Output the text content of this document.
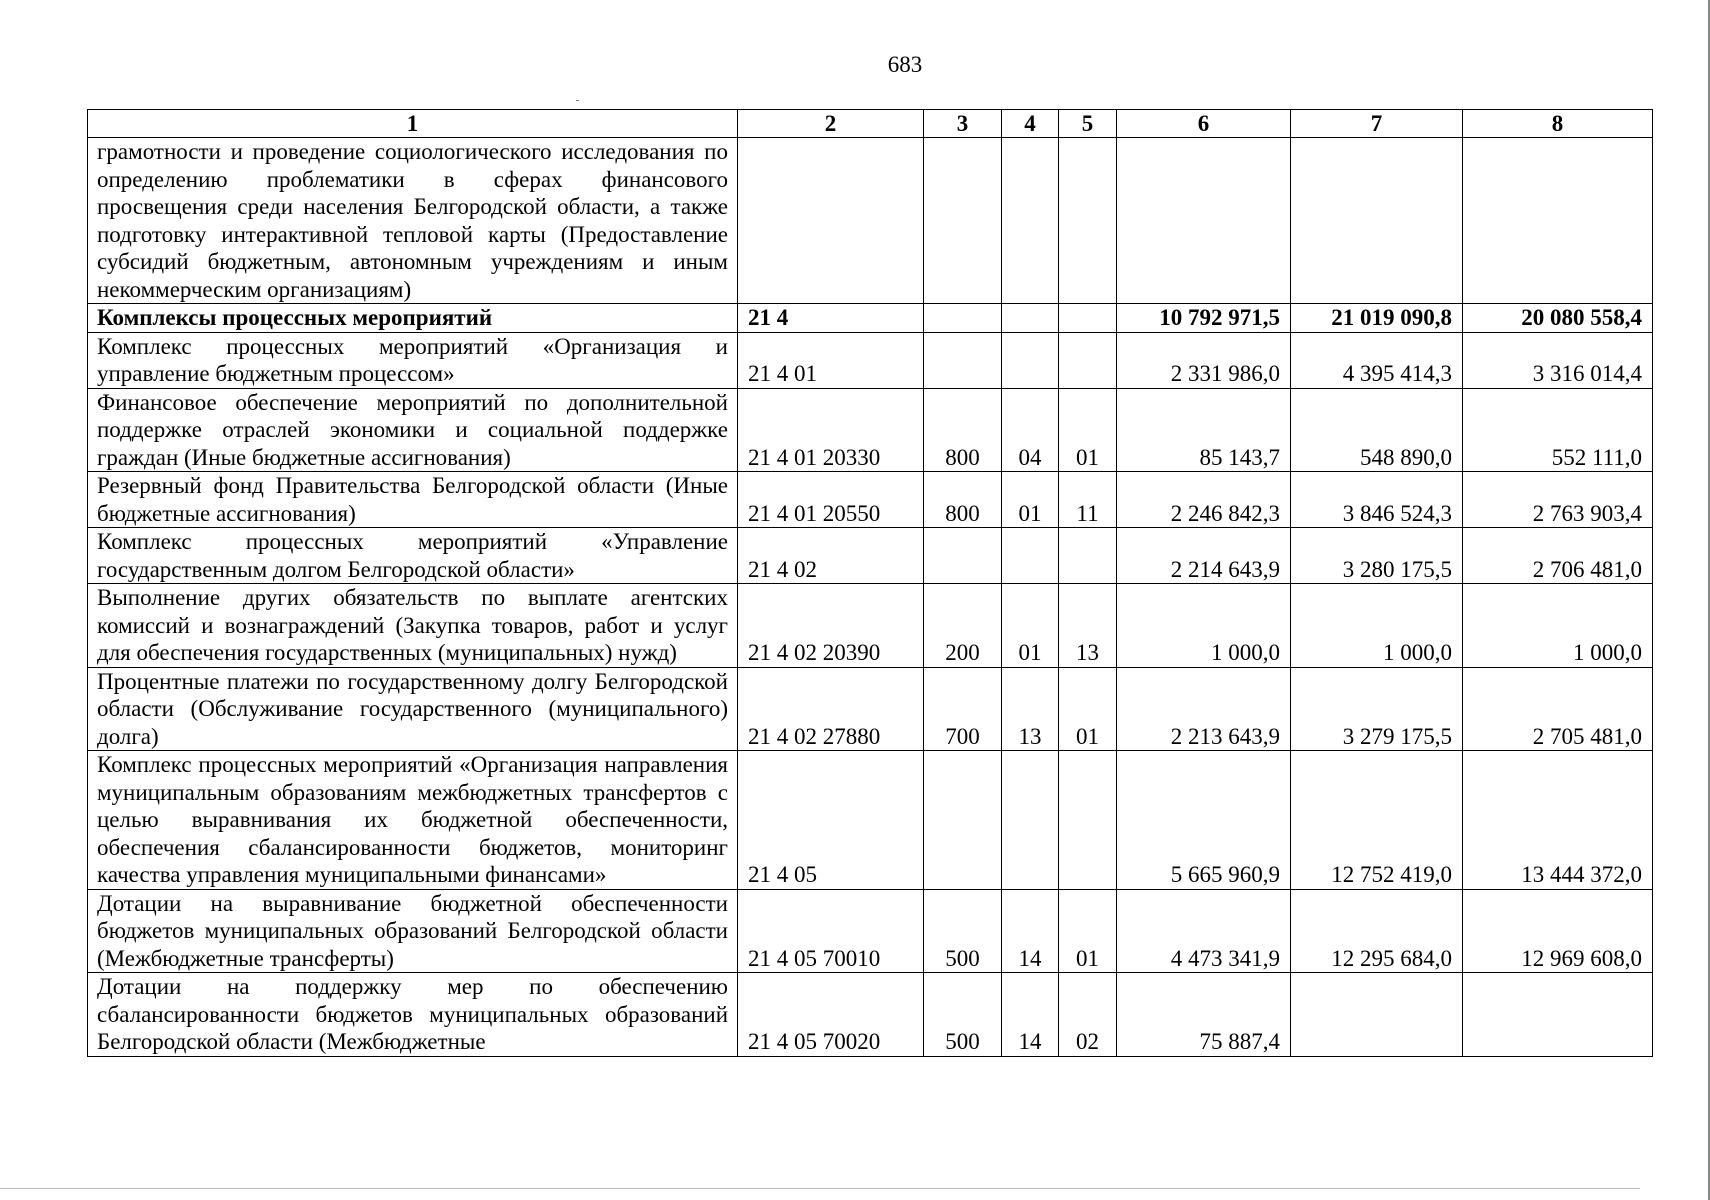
683
1	2	3	4	5	6	7	8
грамотности и проведение социологического исследования по определению проблематики в сферах финансового просвещения среди населения Белгородской области, а также подготовку интерактивной тепловой карты (Предоставление субсидий бюджетным, автономным учреждениям и иным некоммерческим организациям)							
Комплексы процессных мероприятий	21 4				10 792 971,5	21 019 090,8	20 080 558,4
Комплекс процессных мероприятий «Организация и управление бюджетным процессом»	21 4 01				2 331 986,0	4 395 414,3	3 316 014,4
Финансовое обеспечение мероприятий по дополнительной поддержке отраслей экономики и социальной поддержке граждан (Иные бюджетные ассигнования)	21 4 01 20330	800	04	01	85 143,7	548 890,0	552 111,0
Резервный фонд Правительства Белгородской области (Иные бюджетные ассигнования)	21 4 01 20550	800	01	11	2 246 842,3	3 846 524,3	2 763 903,4
Комплекс процессных мероприятий «Управление государственным долгом Белгородской области»	21 4 02				2 214 643,9	3 280 175,5	2 706 481,0
Выполнение других обязательств по выплате агентских комиссий и вознаграждений (Закупка товаров, работ и услуг для обеспечения государственных (муниципальных) нужд)	21 4 02 20390	200	01	13	1 000,0	1 000,0	1 000,0
Процентные платежи по государственному долгу Белгородской области (Обслуживание государственного (муниципального) долга)	21 4 02 27880	700	13	01	2 213 643,9	3 279 175,5	2 705 481,0
Комплекс процессных мероприятий «Организация направления муниципальным образованиям межбюджетных трансфертов с целью выравнивания их бюджетной обеспеченности, обеспечения сбалансированности бюджетов, мониторинг качества управления муниципальными финансами»	21 4 05				5 665 960,9	12 752 419,0	13 444 372,0
Дотации на выравнивание бюджетной обеспеченности бюджетов муниципальных образований Белгородской области (Межбюджетные трансферты)	21 4 05 70010	500	14	01	4 473 341,9	12 295 684,0	12 969 608,0
Дотации на поддержку мер по обеспечению сбалансированности бюджетов муниципальных образований Белгородской области (Межбюджетные	21 4 05 70020	500	14	02	75 887,4		
